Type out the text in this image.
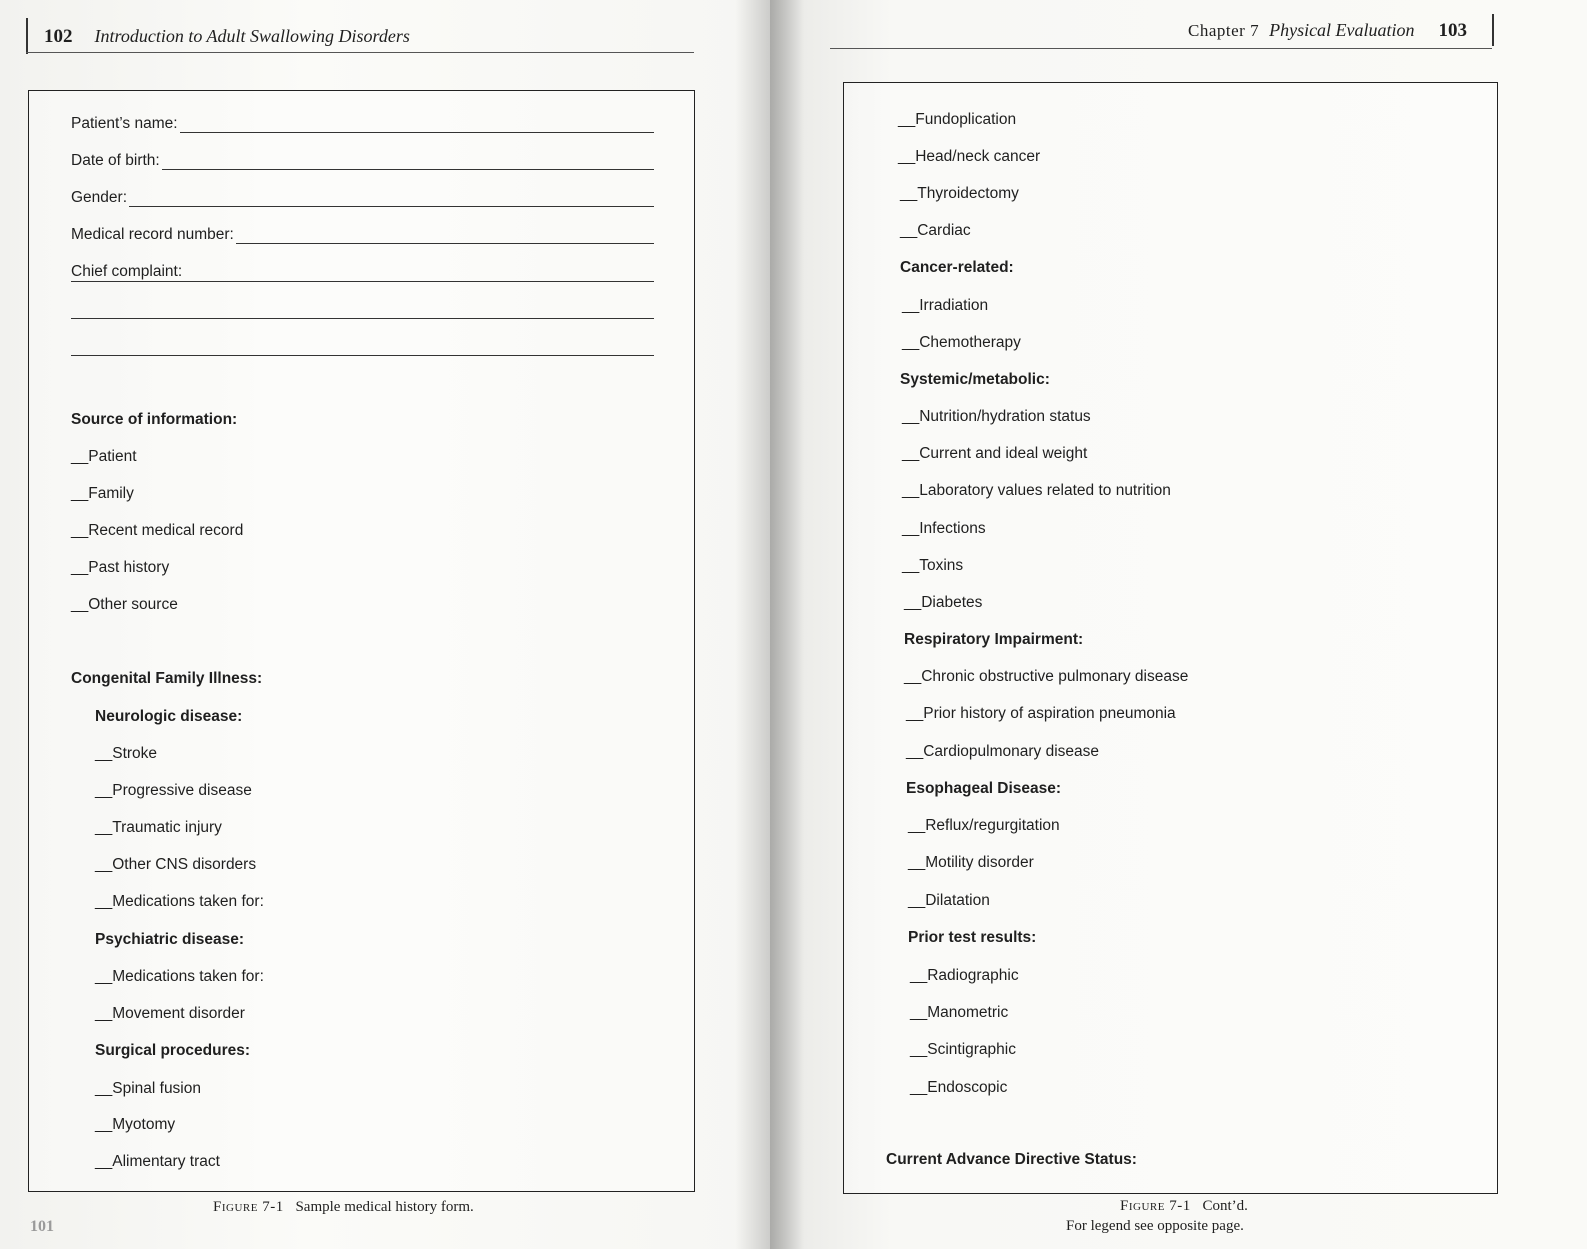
102 Introduction to Adult Swallowing Disorders
Figure 7-1 Sample medical history form.
101
Patient’s name:
Date of birth:
Gender:
Medical record number:
Chief complaint:
Source of information:
__Patient
__Family
__Recent medical record
__Past history
__Other source
Congenital Family Illness:
Neurologic disease:
__Stroke
__Progressive disease
__Traumatic injury
__Other CNS disorders
__Medications taken for:
Psychiatric disease:
__Medications taken for:
__Movement disorder
Surgical procedures:
__Spinal fusion
__Myotomy
__Alimentary tract
Chapter 7 Physical Evaluation 103
Figure 7-1 Cont’d.
For legend see opposite page.
__Fundoplication
__Head/neck cancer
__Thyroidectomy
__Cardiac
Cancer-related:
__Irradiation
__Chemotherapy
Systemic/metabolic:
__Nutrition/hydration status
__Current and ideal weight
__Laboratory values related to nutrition
__Infections
__Toxins
__Diabetes
Respiratory Impairment:
__Chronic obstructive pulmonary disease
__Prior history of aspiration pneumonia
__Cardiopulmonary disease
Esophageal Disease:
__Reflux/regurgitation
__Motility disorder
__Dilatation
Prior test results:
__Radiographic
__Manometric
__Scintigraphic
__Endoscopic
Current Advance Directive Status:
